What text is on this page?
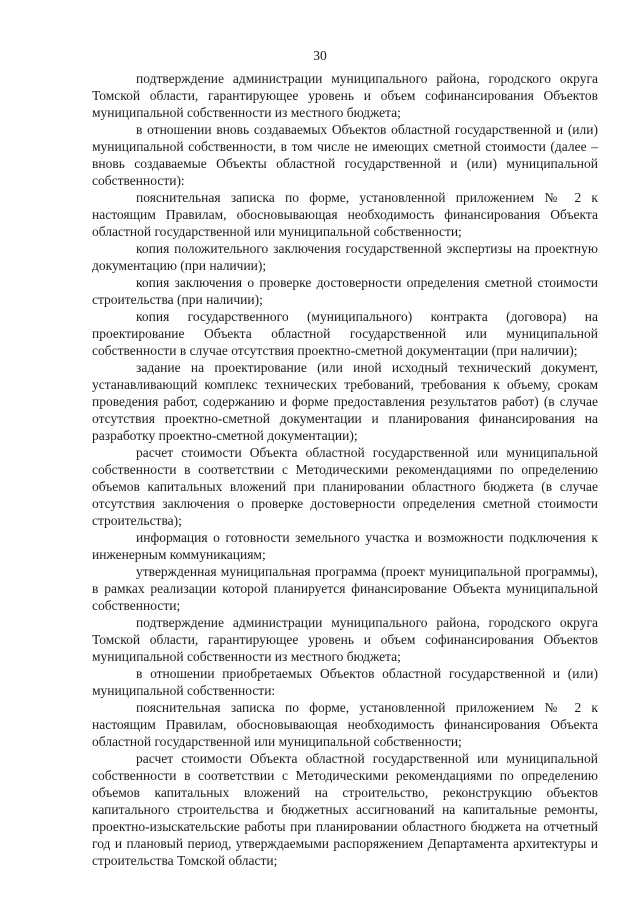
30

подтверждение администрации муниципального района, городского округа Томской области, гарантирующее уровень и объем софинансирования Объектов муниципальной собственности из местного бюджета;

в отношении вновь создаваемых Объектов областной государственной и (или) муниципальной собственности, в том числе не имеющих сметной стоимости (далее – вновь создаваемые Объекты областной государственной и (или) муниципальной собственности):

пояснительная записка по форме, установленной приложением № 2 к настоящим Правилам, обосновывающая необходимость финансирования Объекта областной государственной или муниципальной собственности;

копия положительного заключения государственной экспертизы на проектную документацию (при наличии);

копия заключения о проверке достоверности определения сметной стоимости строительства (при наличии);

копия государственного (муниципального) контракта (договора) на проектирование Объекта областной государственной или муниципальной собственности в случае отсутствия проектно-сметной документации (при наличии);

задание на проектирование (или иной исходный технический документ, устанавливающий комплекс технических требований, требования к объему, срокам проведения работ, содержанию и форме предоставления результатов работ) (в случае отсутствия проектно-сметной документации и планирования финансирования на разработку проектно-сметной документации);

расчет стоимости Объекта областной государственной или муниципальной собственности в соответствии с Методическими рекомендациями по определению объемов капитальных вложений при планировании областного бюджета (в случае отсутствия заключения о проверке достоверности определения сметной стоимости строительства);

информация о готовности земельного участка и возможности подключения к инженерным коммуникациям;

утвержденная муниципальная программа (проект муниципальной программы), в рамках реализации которой планируется финансирование Объекта муниципальной собственности;

подтверждение администрации муниципального района, городского округа Томской области, гарантирующее уровень и объем софинансирования Объектов муниципальной собственности из местного бюджета;

в отношении приобретаемых Объектов областной государственной и (или) муниципальной собственности:

пояснительная записка по форме, установленной приложением № 2 к настоящим Правилам, обосновывающая необходимость финансирования Объекта областной государственной или муниципальной собственности;

расчет стоимости Объекта областной государственной или муниципальной собственности в соответствии с Методическими рекомендациями по определению объемов капитальных вложений на строительство, реконструкцию объектов капитального строительства и бюджетных ассигнований на капитальные ремонты, проектно-изыскательские работы при планировании областного бюджета на отчетный год и плановый период, утверждаемыми распоряжением Департамента архитектуры и строительства Томской области;
